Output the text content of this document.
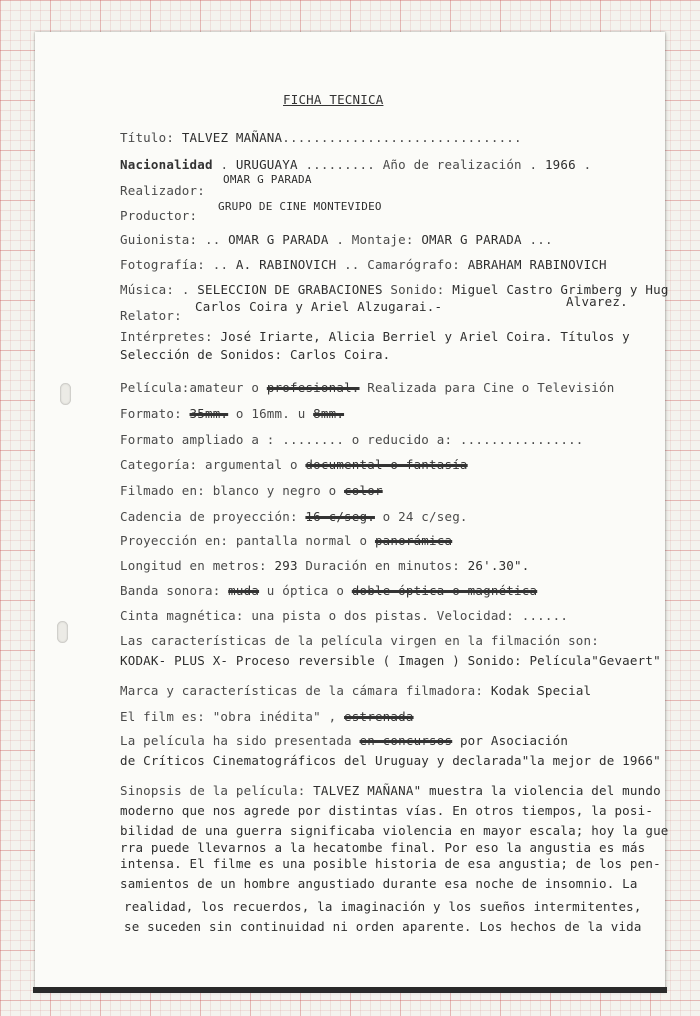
FICHA TECNICA
Título: TALVEZ MAÑANA...............................
Nacionalidad . URUGUAYA ......... Año de realización . 1966 .
OMAR G PARADA
Realizador:
GRUPO DE CINE MONTEVIDEO
Productor:
Guionista: .. OMAR G PARADA . Montaje: OMAR G PARADA ...
Fotografía: .. A. RABINOVICH .. Camarógrafo: ABRAHAM RABINOVICH
Música: . SELECCION DE GRABACIONES Sonido: Miguel Castro Grimberg y Hug
Alvarez.
Carlos Coira y Ariel Alzugarai.-
Relator:
Intérpretes: José Iriarte, Alicia Berriel y Ariel Coira. Títulos y
Selección de Sonidos: Carlos Coira.
Película:amateur o profesional. Realizada para Cine o Televisión
Formato: 35mm. o 16mm. u 8mm.
Formato ampliado a : ........ o reducido a: ................
Categoría: argumental o documental o fantasía
Filmado en: blanco y negro o color
Cadencia de proyección: 16 c/seg. o 24 c/seg.
Proyección en: pantalla normal o panorámica
Longitud en metros: 293 Duración en minutos: 26'.30".
Banda sonora: muda u óptica o doble óptica o magnética
Cinta magnética: una pista o dos pistas. Velocidad: ......
Las características de la película virgen en la filmación son:
KODAK- PLUS X- Proceso reversible ( Imagen ) Sonido: Película"Gevaert"
Marca y características de la cámara filmadora: Kodak Special
El film es: "obra inédita" , estrenada
La película ha sido presentada en concursos por Asociación
de Críticos Cinematográficos del Uruguay y declarada"la mejor de 1966"
Sinopsis de la película: TALVEZ MAÑANA" muestra la violencia del mundo
moderno que nos agrede por distintas vías. En otros tiempos, la posi-
bilidad de una guerra significaba violencia en mayor escala; hoy la gue
rra puede llevarnos a la hecatombe final. Por eso la angustia es más
intensa. El filme es una posible historia de esa angustia; de los pen-
samientos de un hombre angustiado durante esa noche de insomnio. La
realidad, los recuerdos, la imaginación y los sueños intermitentes,
se suceden sin continuidad ni orden aparente. Los hechos de la vida
